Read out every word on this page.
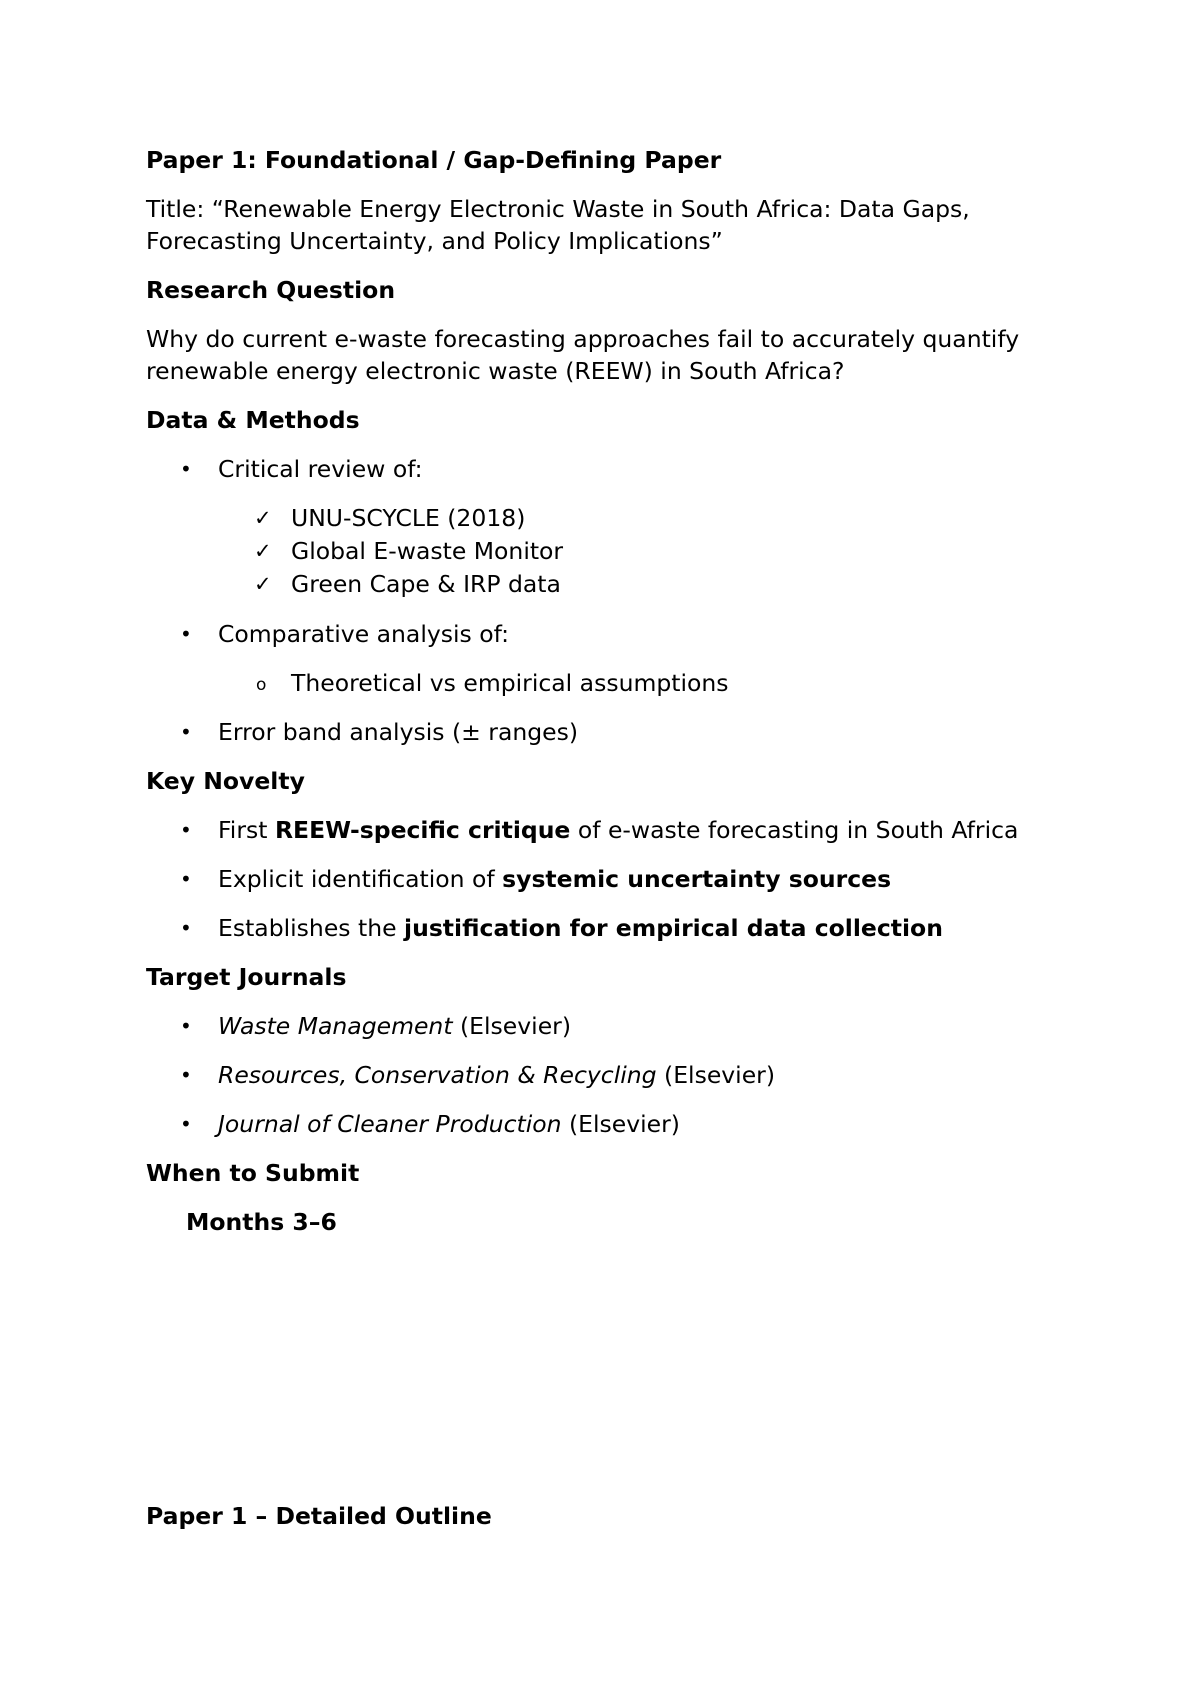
Paper 1: Foundational / Gap-Defining Paper
Title: “Renewable Energy Electronic Waste in South Africa: Data Gaps,
Forecasting Uncertainty, and Policy Implications”
Research Question
Why do current e-waste forecasting approaches fail to accurately quantify
renewable energy electronic waste (REEW) in South Africa?
Data & Methods
• Critical review of:
✓ UNU-SCYCLE (2018)
✓ Global E-waste Monitor
✓ Green Cape & IRP data
• Comparative analysis of:
o Theoretical vs empirical assumptions
• Error band analysis (± ranges)
Key Novelty
• First REEW-specific critique of e-waste forecasting in South Africa
• Explicit identification of systemic uncertainty sources
• Establishes the justification for empirical data collection
Target Journals
• Waste Management (Elsevier)
• Resources, Conservation & Recycling (Elsevier)
• Journal of Cleaner Production (Elsevier)
When to Submit
Months 3–6
Paper 1 – Detailed Outline
